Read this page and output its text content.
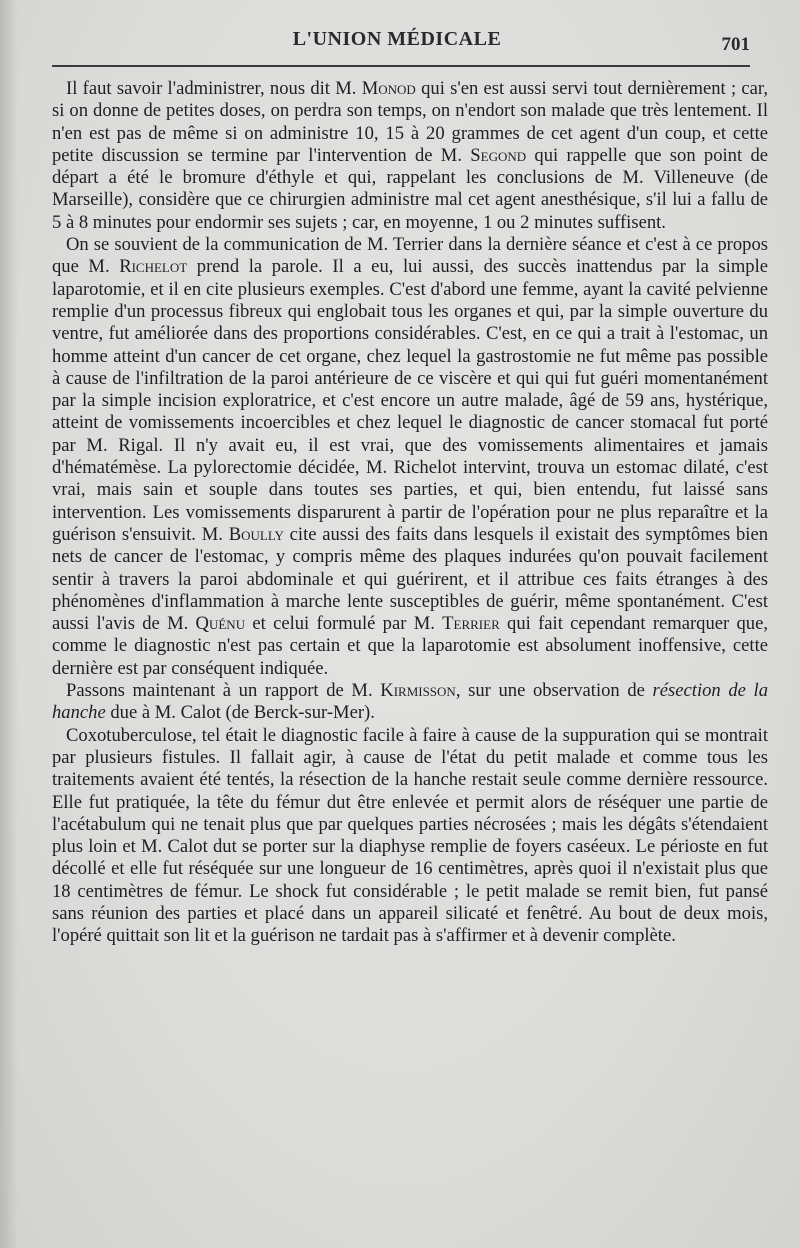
L'UNION MÉDICALE	701

Il faut savoir l'administrer, nous dit M. Monod qui s'en est aussi servi tout dernièrement ; car, si on donne de petites doses, on perdra son temps, on n'endort son malade que très lentement. Il n'en est pas de même si on administre 10, 15 à 20 grammes de cet agent d'un coup, et cette petite discussion se termine par l'intervention de M. Segond qui rappelle que son point de départ a été le bromure d'éthyle et qui, rappelant les conclusions de M. Villeneuve (de Marseille), considère que ce chirurgien administre mal cet agent anesthésique, s'il lui a fallu de 5 à 8 minutes pour endormir ses sujets ; car, en moyenne, 1 ou 2 minutes suffisent.

On se souvient de la communication de M. Terrier dans la dernière séance et c'est à ce propos que M. Richelot prend la parole. Il a eu, lui aussi, des succès inattendus par la simple laparotomie, et il en cite plusieurs exemples. C'est d'abord une femme, ayant la cavité pelvienne remplie d'un processus fibreux qui englobait tous les organes et qui, par la simple ouverture du ventre, fut améliorée dans des proportions considérables. C'est, en ce qui a trait à l'estomac, un homme atteint d'un cancer de cet organe, chez lequel la gastrostomie ne fut même pas possible à cause de l'infiltration de la paroi antérieure de ce viscère et qui qui fut guéri momentanément par la simple incision exploratrice, et c'est encore un autre malade, âgé de 59 ans, hystérique, atteint de vomissements incoercibles et chez lequel le diagnostic de cancer stomacal fut porté par M. Rigal. Il n'y avait eu, il est vrai, que des vomissements alimentaires et jamais d'hématémèse. La pylorectomie décidée, M. Richelot intervint, trouva un estomac dilaté, c'est vrai, mais sain et souple dans toutes ses parties, et qui, bien entendu, fut laissé sans intervention. Les vomissements disparurent à partir de l'opération pour ne plus reparaître et la guérison s'ensuivit. M. Boully cite aussi des faits dans lesquels il existait des symptômes bien nets de cancer de l'estomac, y compris même des plaques indurées qu'on pouvait facilement sentir à travers la paroi abdominale et qui guérirent, et il attribue ces faits étranges à des phénomènes d'inflammation à marche lente susceptibles de guérir, même spontanément. C'est aussi l'avis de M. Quénu et celui formulé par M. Terrier qui fait cependant remarquer que, comme le diagnostic n'est pas certain et que la laparotomie est absolument inoffensive, cette dernière est par conséquent indiquée.

Passons maintenant à un rapport de M. Kirmisson, sur une observation de résection de la hanche due à M. Calot (de Berck-sur-Mer).

Coxotuberculose, tel était le diagnostic facile à faire à cause de la suppuration qui se montrait par plusieurs fistules. Il fallait agir, à cause de l'état du petit malade et comme tous les traitements avaient été tentés, la résection de la hanche restait seule comme dernière ressource. Elle fut pratiquée, la tête du fémur dut être enlevée et permit alors de réséquer une partie de l'acétabulum qui ne tenait plus que par quelques parties nécrosées ; mais les dégâts s'étendaient plus loin et M. Calot dut se porter sur la diaphyse remplie de foyers caséeux. Le périoste en fut décollé et elle fut réséquée sur une longueur de 16 centimètres, après quoi il n'existait plus que 18 centimètres de fémur. Le shock fut considérable ; le petit malade se remit bien, fut pansé sans réunion des parties et placé dans un appareil silicaté et fenêtré. Au bout de deux mois, l'opéré quittait son lit et la guérison ne tardait pas à s'affirmer et à devenir complète.
